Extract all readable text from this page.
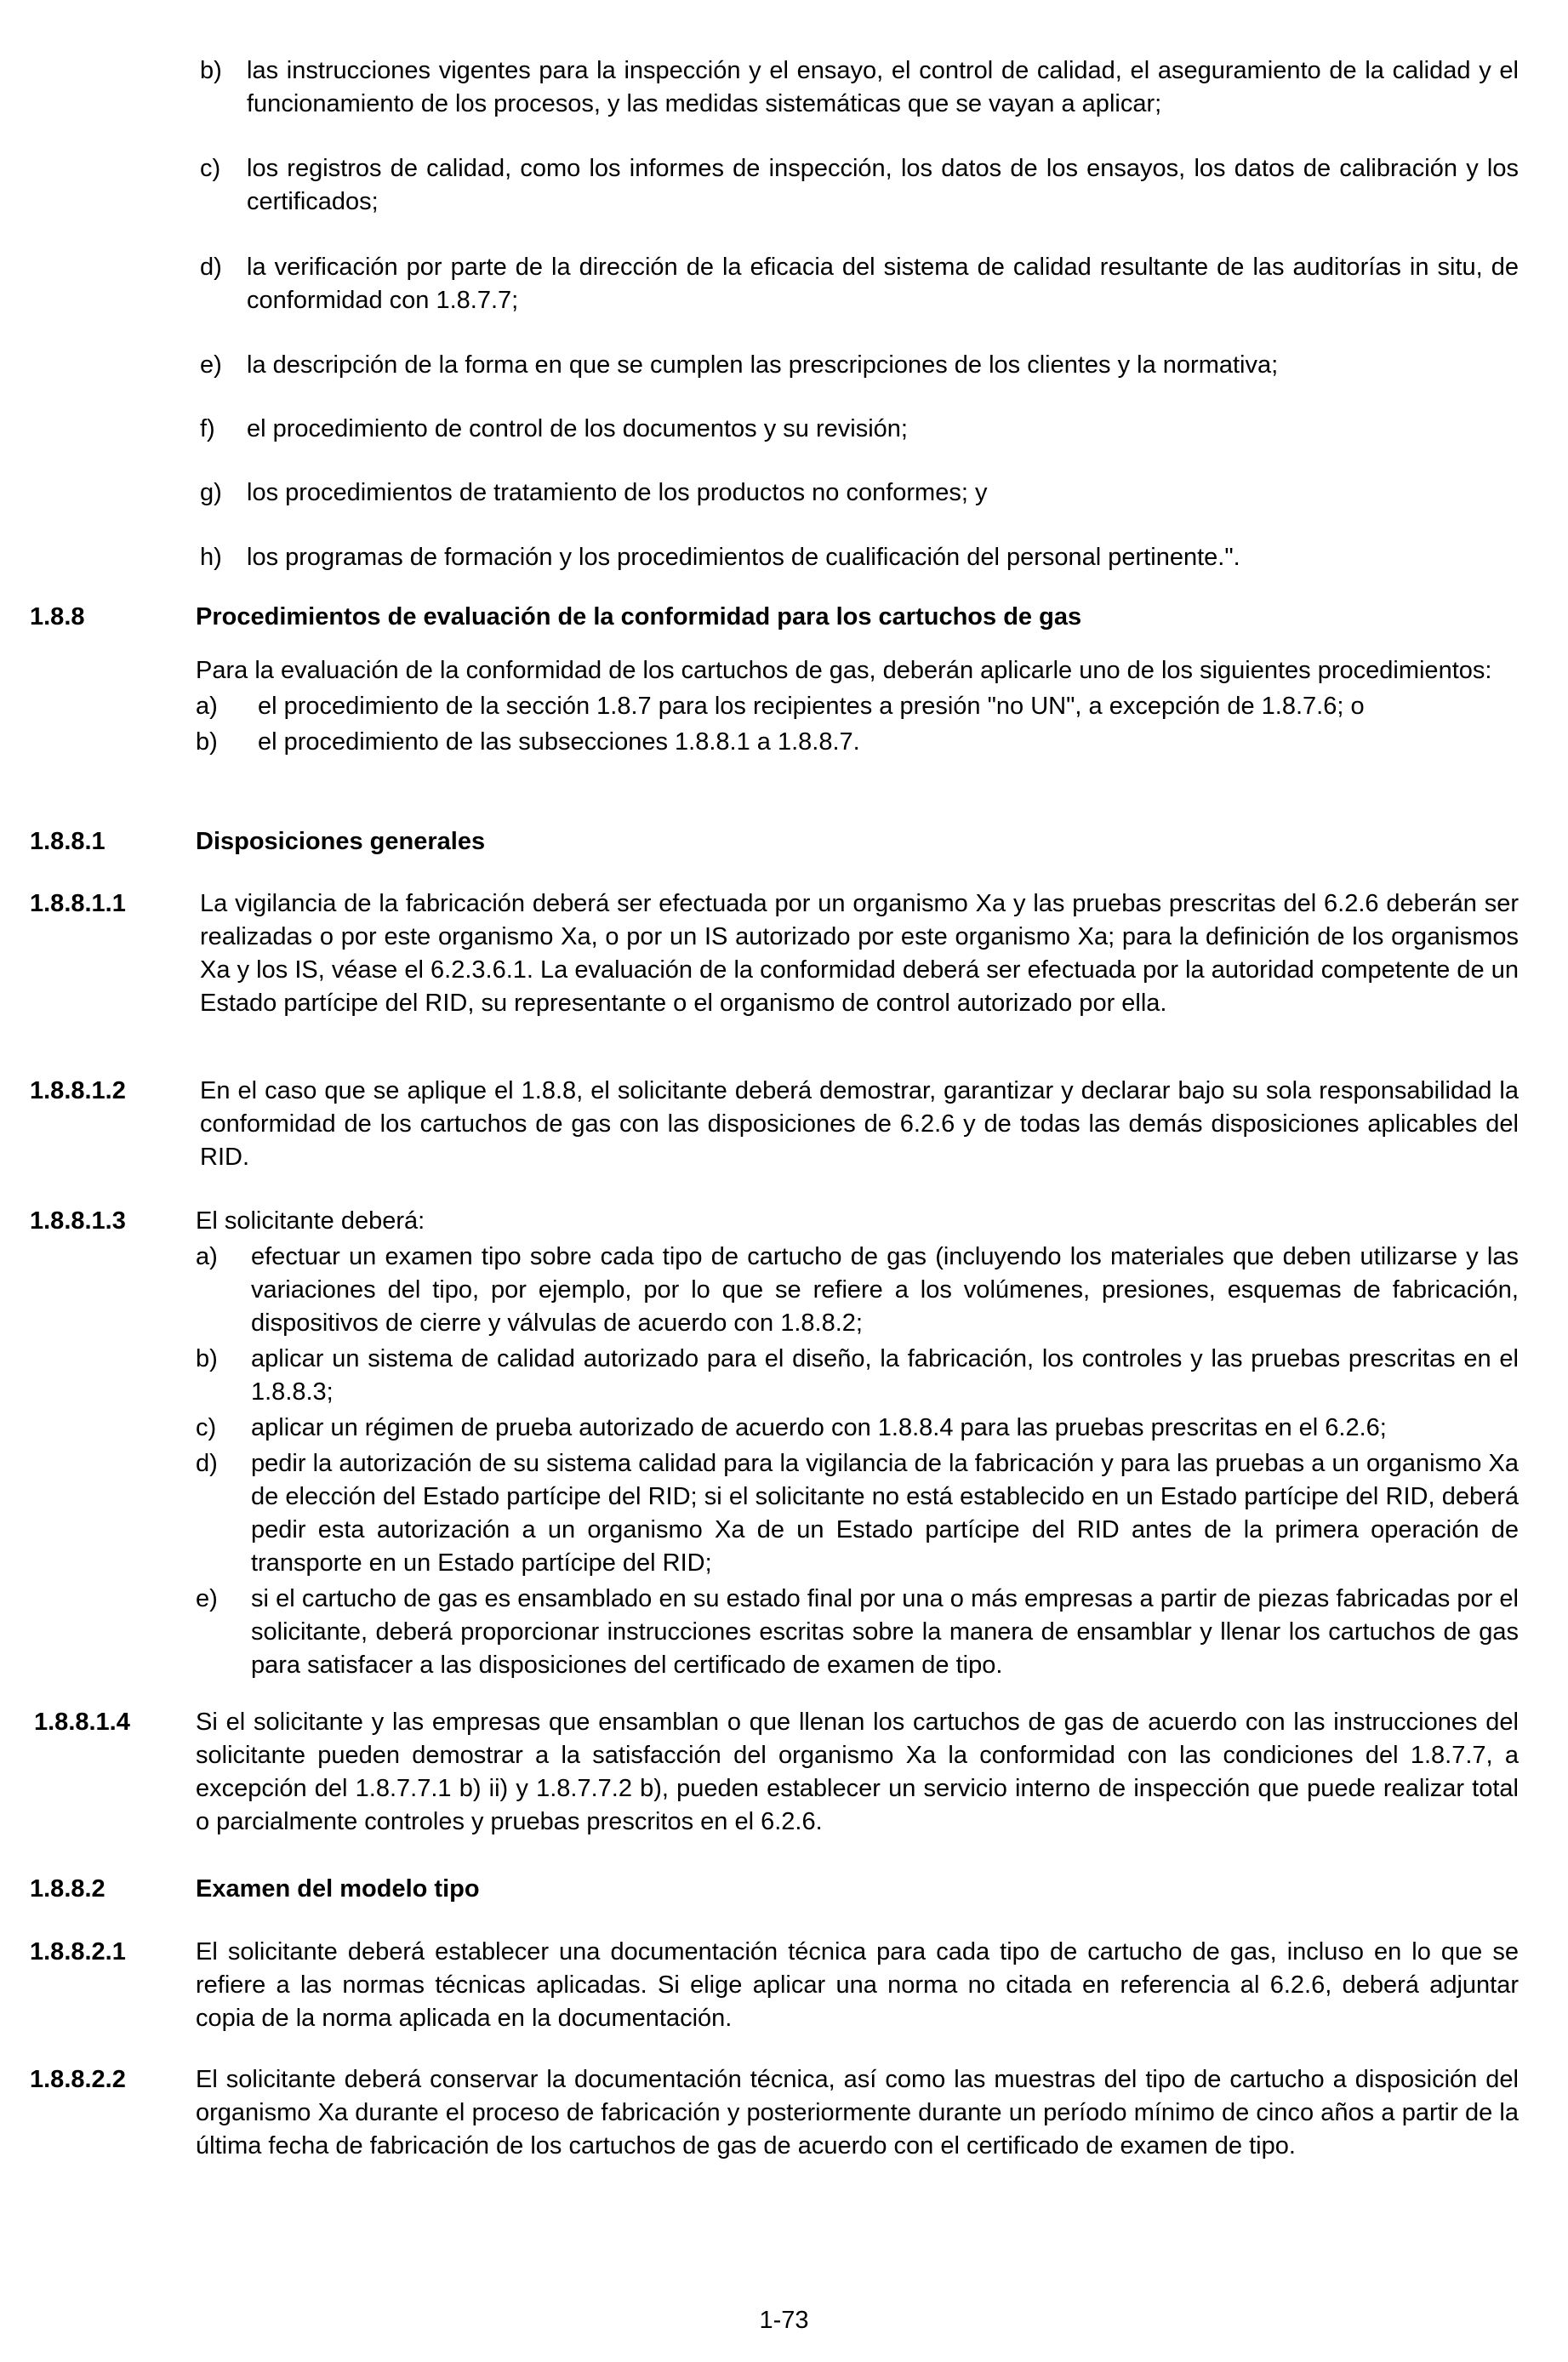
b) las instrucciones vigentes para la inspección y el ensayo, el control de calidad, el aseguramiento de la calidad y el funcionamiento de los procesos, y las medidas sistemáticas que se vayan a aplicar;

c) los registros de calidad, como los informes de inspección, los datos de los ensayos, los datos de calibración y los certificados;

d) la verificación por parte de la dirección de la eficacia del sistema de calidad resultante de las auditorías in situ, de conformidad con 1.8.7.7;

e) la descripción de la forma en que se cumplen las prescripciones de los clientes y la normativa;

f) el procedimiento de control de los documentos y su revisión;

g) los procedimientos de tratamiento de los productos no conformes; y

h) los programas de formación y los procedimientos de cualificación del personal pertinente.".

1.8.8	Procedimientos de evaluación de la conformidad para los cartuchos de gas
Para la evaluación de la conformidad de los cartuchos de gas, deberán aplicarle uno de los siguientes procedimientos:
a) el procedimiento de la sección 1.8.7 para los recipientes a presión "no UN", a excepción de 1.8.7.6; o
b) el procedimiento de las subsecciones 1.8.8.1 a 1.8.8.7.
1.8.8.1	Disposiciones generales
1.8.8.1.1	La vigilancia de la fabricación deberá ser efectuada por un organismo Xa y las pruebas prescritas del 6.2.6 deberán ser realizadas o por este organismo Xa, o por un IS autorizado por este organismo Xa; para la definición de los organismos Xa y los IS, véase el 6.2.3.6.1. La evaluación de la conformidad deberá ser efectuada por la autoridad competente de un Estado partícipe del RID, su representante o el organismo de control autorizado por ella.
1.8.8.1.2	En el caso que se aplique el 1.8.8, el solicitante deberá demostrar, garantizar y declarar bajo su sola responsabilidad la conformidad de los cartuchos de gas con las disposiciones de 6.2.6 y de todas las demás disposiciones aplicables del RID.
1.8.8.1.3	El solicitante deberá:
a) efectuar un examen tipo sobre cada tipo de cartucho de gas (incluyendo los materiales que deben utilizarse y las variaciones del tipo, por ejemplo, por lo que se refiere a los volúmenes, presiones, esquemas de fabricación, dispositivos de cierre y válvulas de acuerdo con 1.8.8.2;
b) aplicar un sistema de calidad autorizado para el diseño, la fabricación, los controles y las pruebas prescritas en el 1.8.8.3;
c) aplicar un régimen de prueba autorizado de acuerdo con 1.8.8.4 para las pruebas prescritas en el 6.2.6;
d) pedir la autorización de su sistema calidad para la vigilancia de la fabricación y para las pruebas a un organismo Xa de elección del Estado partícipe del RID; si el solicitante no está establecido en un Estado partícipe del RID, deberá pedir esta autorización a un organismo Xa de un Estado partícipe del RID antes de la primera operación de transporte en un Estado partícipe del RID;
e) si el cartucho de gas es ensamblado en su estado final por una o más empresas a partir de piezas fabricadas por el solicitante, deberá proporcionar instrucciones escritas sobre la manera de ensamblar y llenar los cartuchos de gas para satisfacer a las disposiciones del certificado de examen de tipo.
1.8.8.1.4	Si el solicitante y las empresas que ensamblan o que llenan los cartuchos de gas de acuerdo con las instrucciones del solicitante pueden demostrar a la satisfacción del organismo Xa la conformidad con las condiciones del 1.8.7.7, a excepción del 1.8.7.7.1 b) ii) y 1.8.7.7.2 b), pueden establecer un servicio interno de inspección que puede realizar total o parcialmente controles y pruebas prescritos en el 6.2.6.
1.8.8.2	Examen del modelo tipo
1.8.8.2.1	El solicitante deberá establecer una documentación técnica para cada tipo de cartucho de gas, incluso en lo que se refiere a las normas técnicas aplicadas. Si elige aplicar una norma no citada en referencia al 6.2.6, deberá adjuntar copia de la norma aplicada en la documentación.
1.8.8.2.2	El solicitante deberá conservar la documentación técnica, así como las muestras del tipo de cartucho a disposición del organismo Xa durante el proceso de fabricación y posteriormente durante un período mínimo de cinco años a partir de la última fecha de fabricación de los cartuchos de gas de acuerdo con el certificado de examen de tipo.
1-73
